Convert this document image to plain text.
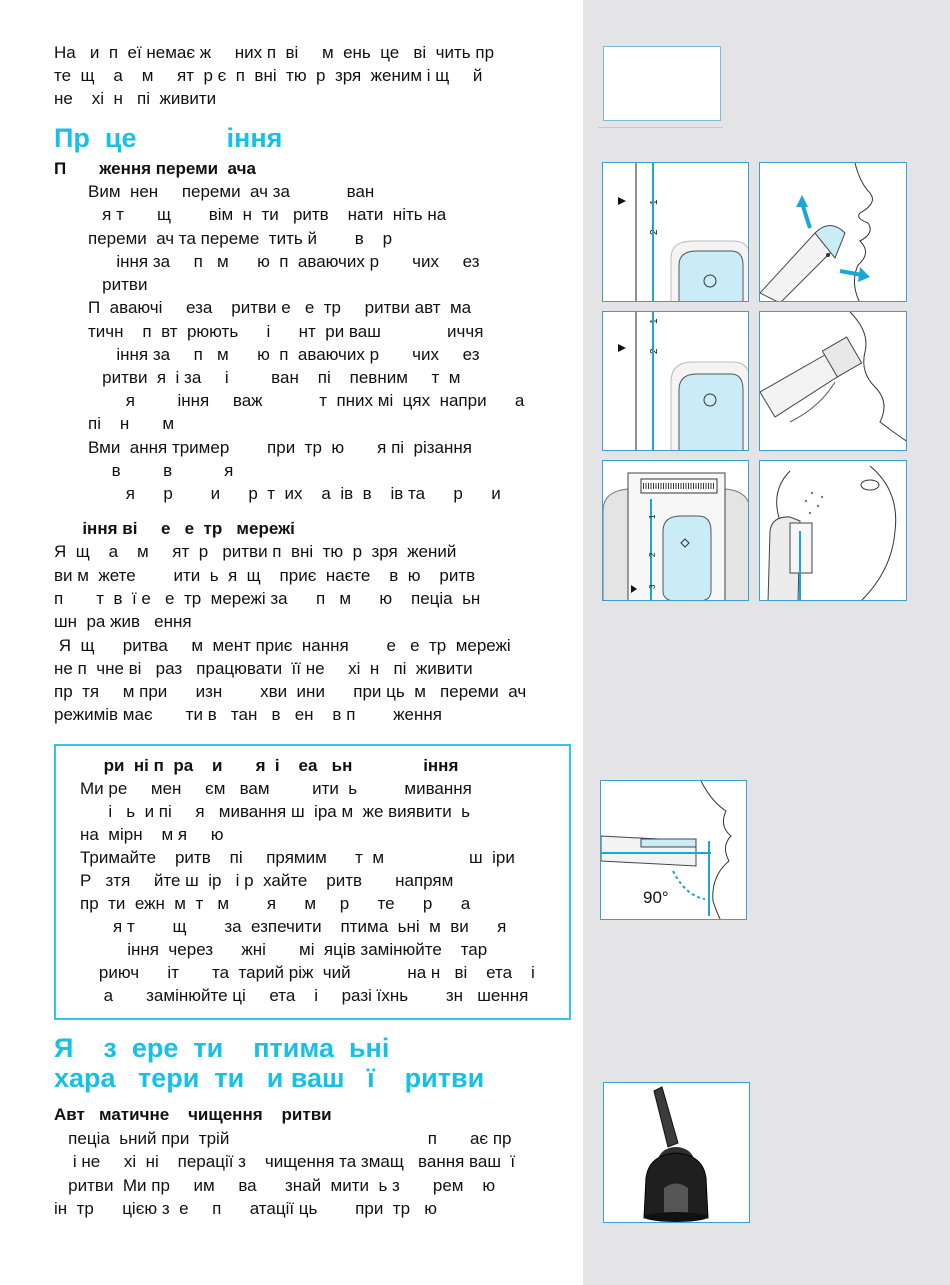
На   и  п  еї немає ж     них п  ві     м  ень  це   ві  чить пр
те  щ    а    м     ят  р є  п  вні  тю  р  зря  женим і щ     й
не    хі  н   пі  живити
Пр  це            іння
П       ження переми  ача
Вим  нен     переми  ач за            ван
я т       щ        вім  н  ти   ритв    нати  ніть на
переми  ач та переме  тить й        в    р
іння за     п   м      ю  п  аваючих р       чих     ез
ритви
П  аваючі     еза    ритви е   е  тр     ритви авт  ма
тичн    п  вт  рюють      і      нт  ри ваш              иччя
іння за     п   м      ю  п  аваючих р       чих     ез
ритви  я  і за     і         ван    пі    певним     т  м
я         іння     важ            т  пних мі  цях  напри      а
пі    н       м
Вми  ання тример        при  тр  ю       я пі  різання
в         в           я
я      р        и      р  т  их    а  ів  в    ів та      р      и
іння ві     е   е  тр   мережі
Я  щ    а    м     ят  р   ритви п  вні  тю  р  зря  жений
ви м  жете        ити  ь  я  щ    приє  наєте    в  ю    ритв
п       т  в  ї е   е  тр  мережі за      п   м      ю    пеціа  ьн
шн  ра жив   ення
Я  щ      ритва     м  мент приє  нання        е   е  тр  мережі
не п  чне ві   раз   працювати  її не     хі  н   пі  живити
пр  тя     м при      изн        хви  ини      при ць  м   переми  ач
режимів має       ти в   тан   в   ен    в п        ження
ри  ні п  ра    и       я  і    еа   ьн               іння
Ми ре     мен     єм   вам         ити  ь          мивання
і   ь  и пі     я   мивання ш  іра м  же виявити  ь
на  мірн    м я     ю
Тримайте    ритв    пі     прямим      т  м                  ш  іри
Р   зтя     йте ш  ір   і р  хайте    ритв       напрям
пр  ти  ежн  м  т   м        я      м     р      те      р      а
я т        щ        за  езпечити    птима  ьні  м  ви      я
іння  через      жні       мі  яців замінюйте    тар
риюч      іт       та  тарий ріж  чий            на н   ві    ета    і
а       замінюйте ці     ета    і     разі їхнь        зн   шення
Я    з  ере  ти    птима  ьні
хара   тери  ти   и ваш   ї    ритви
Авт   матичне    чищення    ритви
пеціа  ьний при  трій                                          п       ає пр
і не     хі  ні    перації з    чищення та змащ   вання ваш  ї
ритви  Ми пр     им     ва      знай  мити  ь з       рем    ю
ін  тр      цією з  е     п      атації ць        при  тр   ю
1
2
1
2
1
2
3
90°
